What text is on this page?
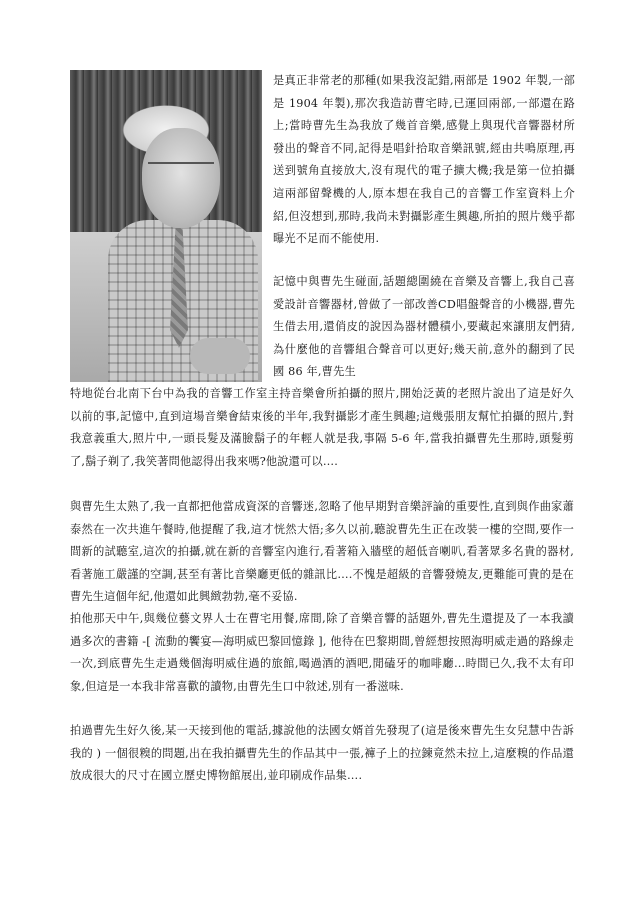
是真正非常老的那種(如果我沒記錯,兩部是 1902 年製,一部是 1904 年製),那次我造訪曹宅時,已運回兩部,一部還在路上;當時曹先生為我放了幾首音樂,感覺上與現代音響器材所發出的聲音不同,記得是唱針拾取音樂訊號,經由共鳴原理,再送到號角直接放大,沒有現代的電子擴大機;我是第一位拍攝這兩部留聲機的人,原本想在我自己的音響工作室資料上介紹,但沒想到,那時,我尚未對攝影產生興趣,所拍的照片幾乎都曝光不足而不能使用.

記憶中與曹先生碰面,話題總圍繞在音樂及音響上,我自己喜愛設計音響器材,曾做了一部改善CD唱盤聲音的小機器,曹先生借去用,還俏皮的說因為器材體積小,要藏起來讓朋友們猜,為什麼他的音響組合聲音可以更好;幾天前,意外的翻到了民國 86 年,曹先生

特地從台北南下台中為我的音響工作室主持音樂會所拍攝的照片,開始泛黃的老照片說出了這是好久以前的事,記憶中,直到這場音樂會結束後的半年,我對攝影才產生興趣;這幾張朋友幫忙拍攝的照片,對我意義重大,照片中,一頭長髮及滿臉鬍子的年輕人就是我,事隔 5-6 年,當我拍攝曹先生那時,頭髮剪了,鬍子剃了,我笑著問他認得出我來嗎?他說還可以….

與曹先生太熟了,我一直都把他當成資深的音響迷,忽略了他早期對音樂評論的重要性,直到與作曲家蕭泰然在一次共進午餐時,他提醒了我,這才恍然大悟;多久以前,聽說曹先生正在改裝一樓的空間,要作一間新的試聽室,這次的拍攝,就在新的音響室內進行,看著箱入牆壁的超低音喇叭,看著眾多名貴的器材,看著施工嚴謹的空調,甚至有著比音樂廳更低的雜訊比….不愧是超級的音響發燒友,更難能可貴的是在曹先生這個年紀,他還如此興緻勃勃,毫不妥協.

拍他那天中午,與幾位藝文界人士在曹宅用餐,席間,除了音樂音響的話題外,曹先生還提及了一本我讀過多次的書籍 -[ 流動的饗宴—海明威巴黎回憶錄 ], 他待在巴黎期間,曾經想按照海明威走過的路線走一次,到底曹先生走過幾個海明威住過的旅館,喝過酒的酒吧,閒磕牙的咖啡廳…時間已久,我不太有印象,但這是一本我非常喜歡的讀物,由曹先生口中敘述,別有一番滋味.

拍過曹先生好久後,某一天接到他的電話,據說他的法國女婿首先發現了(這是後來曹先生女兒慧中告訴我的 ) 一個很糗的問題,出在我拍攝曹先生的作品其中一張,褲子上的拉鍊竟然未拉上,這麼糗的作品還放成很大的尺寸在國立歷史博物館展出,並印刷成作品集….
